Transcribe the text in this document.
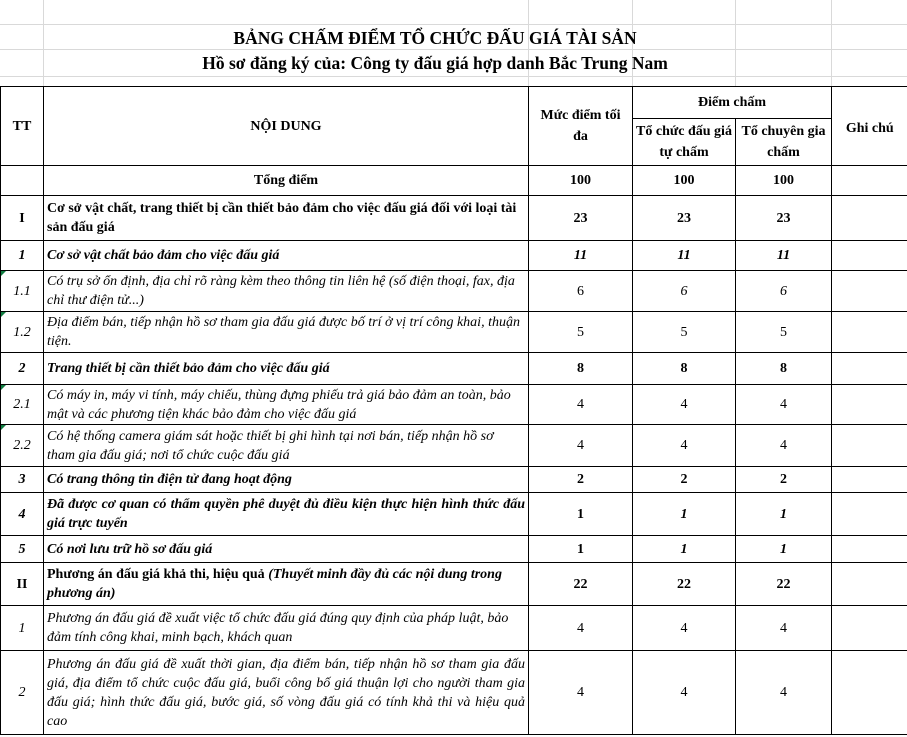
BẢNG CHẤM ĐIỂM TỔ CHỨC ĐẤU GIÁ TÀI SẢN
Hồ sơ đăng ký của: Công ty đấu giá hợp danh Bắc Trung Nam
TT	NỘI DUNG	Mức điểm tối đa	Điểm chấm		Ghi chú
			Tổ chức đấu giá tự chấm	Tổ chuyên gia chấm	
	Tổng điểm	100	100	100	
I	Cơ sở vật chất, trang thiết bị cần thiết bảo đảm cho việc đấu giá đối với loại tài sản đấu giá	23	23	23	
1	Cơ sở vật chất bảo đảm cho việc đấu giá	11	11	11	
1.1	Có trụ sở ổn định, địa chỉ rõ ràng kèm theo thông tin liên hệ (số điện thoại, fax, địa chỉ thư điện tử...)	6	6	6	
1.2	Địa điểm bán, tiếp nhận hồ sơ tham gia đấu giá được bố trí ở vị trí công khai, thuận tiện.	5	5	5	
2	Trang thiết bị cần thiết bảo đảm cho việc đấu giá	8	8	8	
2.1	Có máy in, máy vi tính, máy chiếu, thùng đựng phiếu trả giá bảo đảm an toàn, bảo mật và các phương tiện khác bảo đảm cho việc đấu giá	4	4	4	
2.2	Có hệ thống camera giám sát hoặc thiết bị ghi hình tại nơi bán, tiếp nhận hồ sơ tham gia đấu giá; nơi tổ chức cuộc đấu giá	4	4	4	
3	Có trang thông tin điện tử đang hoạt động	2	2	2	
4	Đã được cơ quan có thẩm quyền phê duyệt đủ điều kiện thực hiện hình thức đấu giá trực tuyến	1	1	1	
5	Có nơi lưu trữ hồ sơ đấu giá	1	1	1	
II	Phương án đấu giá khả thi, hiệu quả (Thuyết minh đầy đủ các nội dung trong phương án)	22	22	22	
1	Phương án đấu giá đề xuất việc tổ chức đấu giá đúng quy định của pháp luật, bảo đảm tính công khai, minh bạch, khách quan	4	4	4	
2	Phương án đấu giá đề xuất thời gian, địa điểm bán, tiếp nhận hồ sơ tham gia đấu giá, địa điểm tổ chức cuộc đấu giá, buổi công bố giá thuận lợi cho người tham gia đấu giá; hình thức đấu giá, bước giá, số vòng đấu giá có tính khả thi và hiệu quả cao	4	4	4	
